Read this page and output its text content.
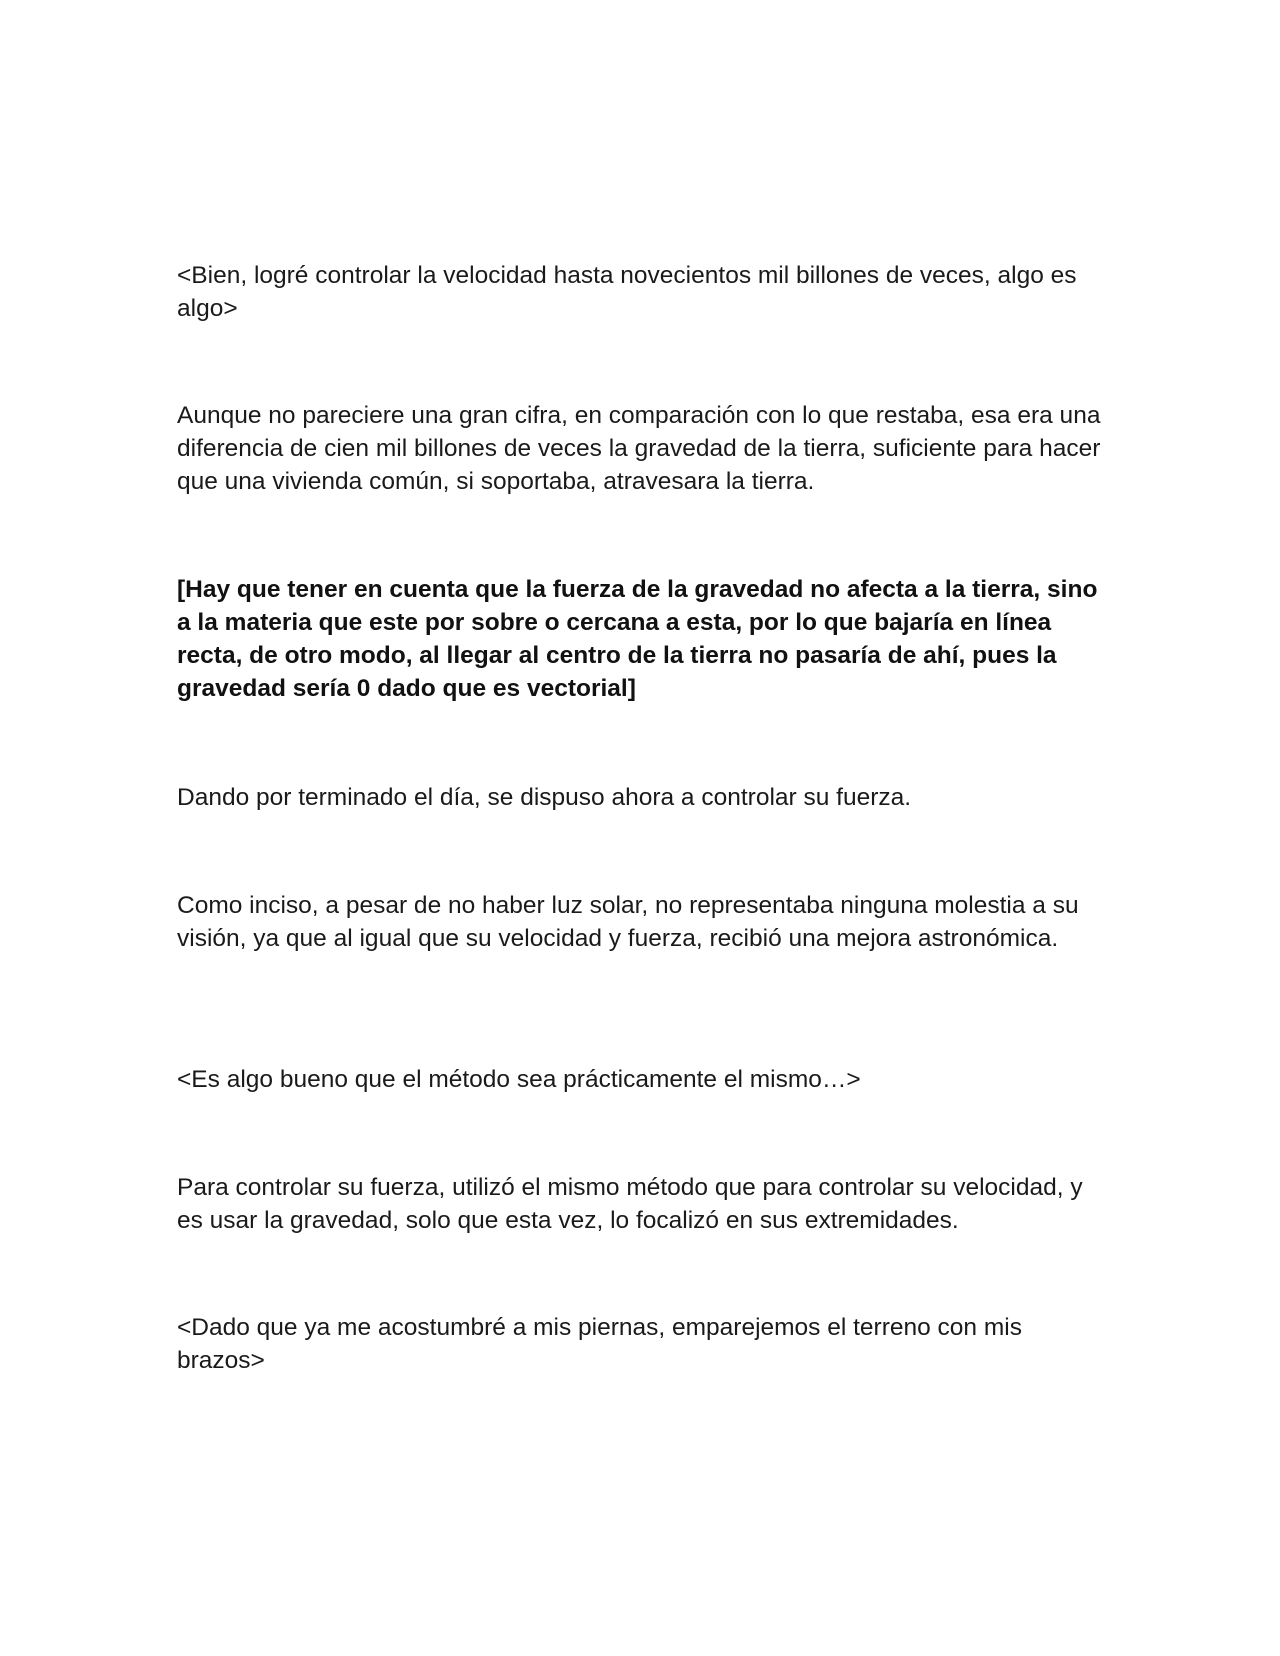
<Bien, logré controlar la velocidad hasta novecientos mil billones de veces, algo es algo>

Aunque no pareciere una gran cifra, en comparación con lo que restaba, esa era una diferencia de cien mil billones de veces la gravedad de la tierra, suficiente para hacer que una vivienda común, si soportaba, atravesara la tierra.

[Hay que tener en cuenta que la fuerza de la gravedad no afecta a la tierra, sino a la materia que este por sobre o cercana a esta, por lo que bajaría en línea recta, de otro modo, al llegar al centro de la tierra no pasaría de ahí, pues la gravedad sería 0 dado que es vectorial]

Dando por terminado el día, se dispuso ahora a controlar su fuerza.

Como inciso, a pesar de no haber luz solar, no representaba ninguna molestia a su visión, ya que al igual que su velocidad y fuerza, recibió una mejora astronómica.

<Es algo bueno que el método sea prácticamente el mismo…>

Para controlar su fuerza, utilizó el mismo método que para controlar su velocidad, y es usar la gravedad, solo que esta vez, lo focalizó en sus extremidades.

<Dado que ya me acostumbré a mis piernas, emparejemos el terreno con mis brazos>
